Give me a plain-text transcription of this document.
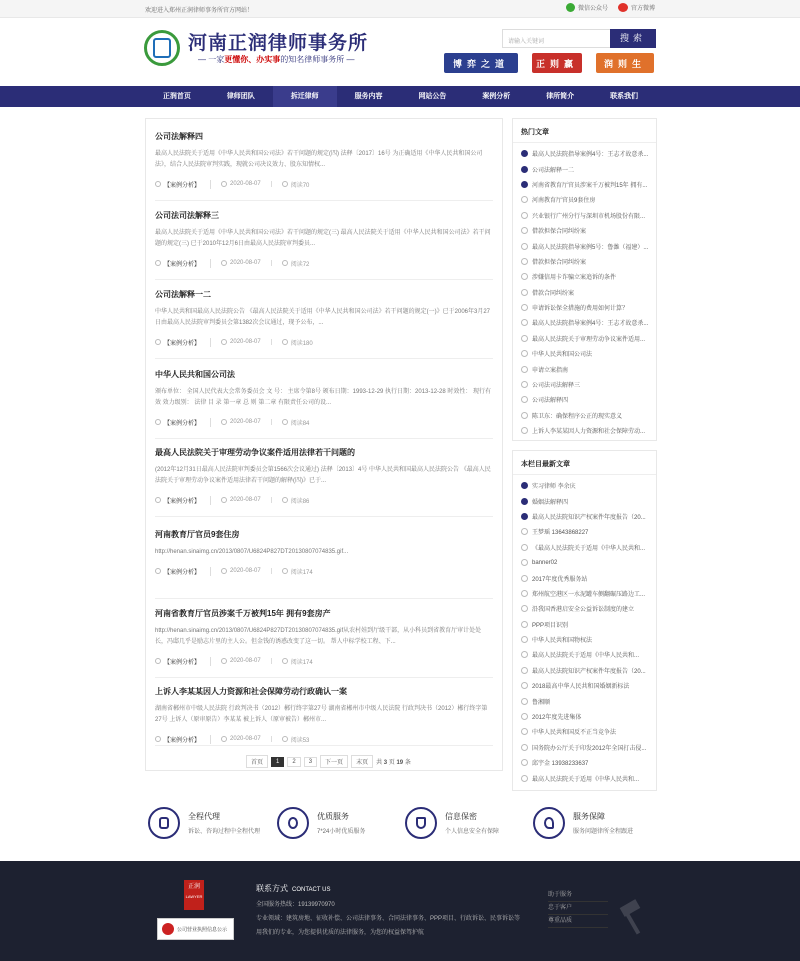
欢迎进入郑州正润律师事务所官方网站！	微信公众号	官方微博
河南正润律师事务所
— 一家更懂你、办实事的知名律师事务所 —
请输入关键词	搜索
博弈之道	正则赢	润则生
正润首页	律师团队	拆迁律师	服务内容	网站公告	案例分析	律所简介	联系我们
公司法解释四
最高人民法院关于适用《中华人民共和国公司法》若干问题的规定(四) 法释〔2017〕16号 为正确适用《中华人民共和国公司法》，结合人民法院审判实践，现就公司决议效力、股东知情权...
【案例分析】	2020-08-07	阅读70
公司法司法解释三
最高人民法院关于适用《中华人民共和国公司法》若干问题的规定(三) 最高人民法院关于适用《中华人民共和国公司法》若干问题的规定(三) 已于2010年12月6日由最高人民法院审判委员...
【案例分析】	2020-08-07	阅读72
公司法解释一二
中华人民共和国最高人民法院公告 《最高人民法院关于适用《中华人民共和国公司法》若干问题的规定(一)》已于2006年3月27日由最高人民法院审判委员会第1382次会议通过，现予公布，...
【案例分析】	2020-08-07	阅读180
中华人民共和国公司法
颁布单位： 全国人民代表大会常务委员会 文 号： 主席令第8号 颁布日期：1993-12-29 执行日期：2013-12-28 时效性： 现行有效 效力级别： 法律 目 录 第一章 总 则 第二章 有限责任公司的设...
【案例分析】	2020-08-07	阅读84
最高人民法院关于审理劳动争议案件适用法律若干问题的
(2012年12月31日最高人民法院审判委员会第1566次会议通过) 法释〔2013〕4号 中华人民共和国最高人民法院公告 《最高人民法院关于审理劳动争议案件适用法律若干问题的解释(四)》已于...
【案例分析】	2020-08-07	阅读86
河南教育厅官员9套住房
http://henan.sinaimg.cn/2013/0807/U6824P827DT20130807074835.gif...
【案例分析】	2020-08-07	阅读174
河南省教育厅官员涉案千万被判15年 拥有9套房产
http://henan.sinaimg.cn/2013/0807/U6824P827DT20130807074835.gif从农村娃到厅级干部，从小科员到省教育厅审计处处长，冯邸几乎是励志片里的主人公。但金钱的诱惑改变了这一切。 帮人中标学校工程、下...
【案例分析】	2020-08-07	阅读174
上诉人李某某因人力资源和社会保障劳动行政确认一案
湖南省郴州市中级人民法院 行政判决书（2012）郴行终字第27号 湖南省郴州市中级人民法院 行政判决书（2012）郴行终字第27号 上诉人（原审原告）李某某 被上诉人（原审被告）郴州市...
【案例分析】	2020-08-07	阅读53
首页	1	2	3	下一页	末页	共 3 页 19 条
热门文章
最高人民法院指导案例4号：王志才故意杀...
公司法解释一二
河南省教育厅官员涉案千万被判15年 拥有...
河南教育厅官员9套住房
兴业银行广州分行与深圳市机场股份有限...
借款担保合同纠纷案
最高人民法院指导案例5号：鲁潍（福建）...
借款担保合同纠纷案
涉嫌信用卡诈骗立案追诉的条件
借款合同纠纷案
申请诉讼保全措施的费用如何计算？
最高人民法院指导案例4号：王志才故意杀...
最高人民法院关于审理劳动争议案件适用...
中华人民共和国公司法
申请立案指南
公司法司法解释三
公司法解释四
陈卫东：确保程序公正的现实意义
上诉人李某某因人力资源和社会保障劳动...
本栏目最新文章
实习律师 李余庆
婚姻法解释四
最高人民法院知识产权案件年度报告（20...
王梦瑶 13643868227
《最高人民法院关于适用《中华人民共和...
banner02
2017年度优秀服务站
郑州航空港区一水泥罐车侧翻碾压路边工...
沿我国香港启安全公益诉讼制度的建立
PPP项目识别
中华人民共和国物权法
最高人民法院关于适用《中华人民共和...
最高人民法院知识产权案件年度报告（20...
2018最高中华人民共和国婚姻新标法
鲁湘顺
2012年度先进集体
中华人民共和国反不正当竞争法
国务院办公厅关于印发2012年全国打击侵...
邱宇金 13938233637
最高人民法院关于适用《中华人民共和...
全程代理
诉讼、咨询过程中全程代理
优质服务
7*24小时优质服务
信息保密
个人信息安全有保障
服务保障
服务问题律所全程跟进
正润
LAWYER
公司营业执照信息公示
联系方式 CONTACT US

全国服务热线：19139970970

专业领域：建筑房地、征收补偿、公司法律事务、合同法律事务、PPP项目、行政诉讼、民事诉讼等

用我们的专业，为您提供优质的法律服务，为您的权益保驾护航

助于服务
忠于客户
尊重品质
